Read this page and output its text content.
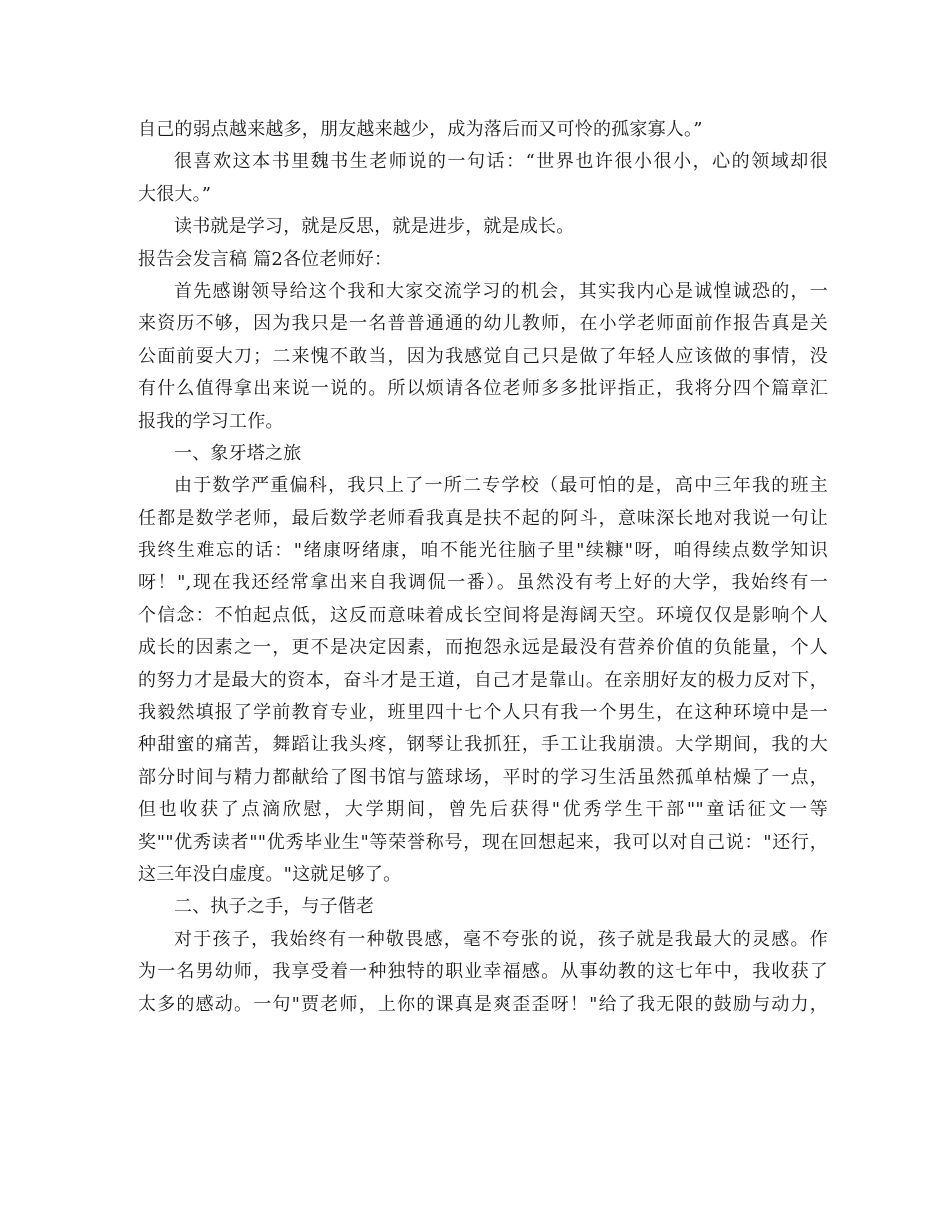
自己的弱点越来越多，朋友越来越少，成为落后而又可怜的孤家寡人。”
很喜欢这本书里魏书生老师说的一句话：“世界也许很小很小，心的领域却很
大很大。”
读书就是学习，就是反思，就是进步，就是成长。
报告会发言稿 篇2各位老师好：
首先感谢领导给这个我和大家交流学习的机会，其实我内心是诚惶诚恐的，一
来资历不够，因为我只是一名普普通通的幼儿教师，在小学老师面前作报告真是关
公面前耍大刀；二来愧不敢当，因为我感觉自己只是做了年轻人应该做的事情，没
有什么值得拿出来说一说的。所以烦请各位老师多多批评指正，我将分四个篇章汇
报我的学习工作。
一、象牙塔之旅
由于数学严重偏科，我只上了一所二专学校（最可怕的是，高中三年我的班主
任都是数学老师，最后数学老师看我真是扶不起的阿斗，意味深长地对我说一句让
我终生难忘的话："绪康呀绪康，咱不能光往脑子里"续糠"呀，咱得续点数学知识
呀！",现在我还经常拿出来自我调侃一番）。虽然没有考上好的大学，我始终有一
个信念：不怕起点低，这反而意味着成长空间将是海阔天空。环境仅仅是影响个人
成长的因素之一，更不是决定因素，而抱怨永远是最没有营养价值的负能量，个人
的努力才是最大的资本，奋斗才是王道，自己才是靠山。在亲朋好友的极力反对下，
我毅然填报了学前教育专业，班里四十七个人只有我一个男生，在这种环境中是一
种甜蜜的痛苦，舞蹈让我头疼，钢琴让我抓狂，手工让我崩溃。大学期间，我的大
部分时间与精力都献给了图书馆与篮球场，平时的学习生活虽然孤单枯燥了一点，
但也收获了点滴欣慰，大学期间，曾先后获得"优秀学生干部""童话征文一等
奖""优秀读者""优秀毕业生"等荣誉称号，现在回想起来，我可以对自己说："还行，
这三年没白虚度。"这就足够了。
二、执子之手，与子偕老
对于孩子，我始终有一种敬畏感，毫不夸张的说，孩子就是我最大的灵感。作
为一名男幼师，我享受着一种独特的职业幸福感。从事幼教的这七年中，我收获了
太多的感动。一句"贾老师，上你的课真是爽歪歪呀！"给了我无限的鼓励与动力，
